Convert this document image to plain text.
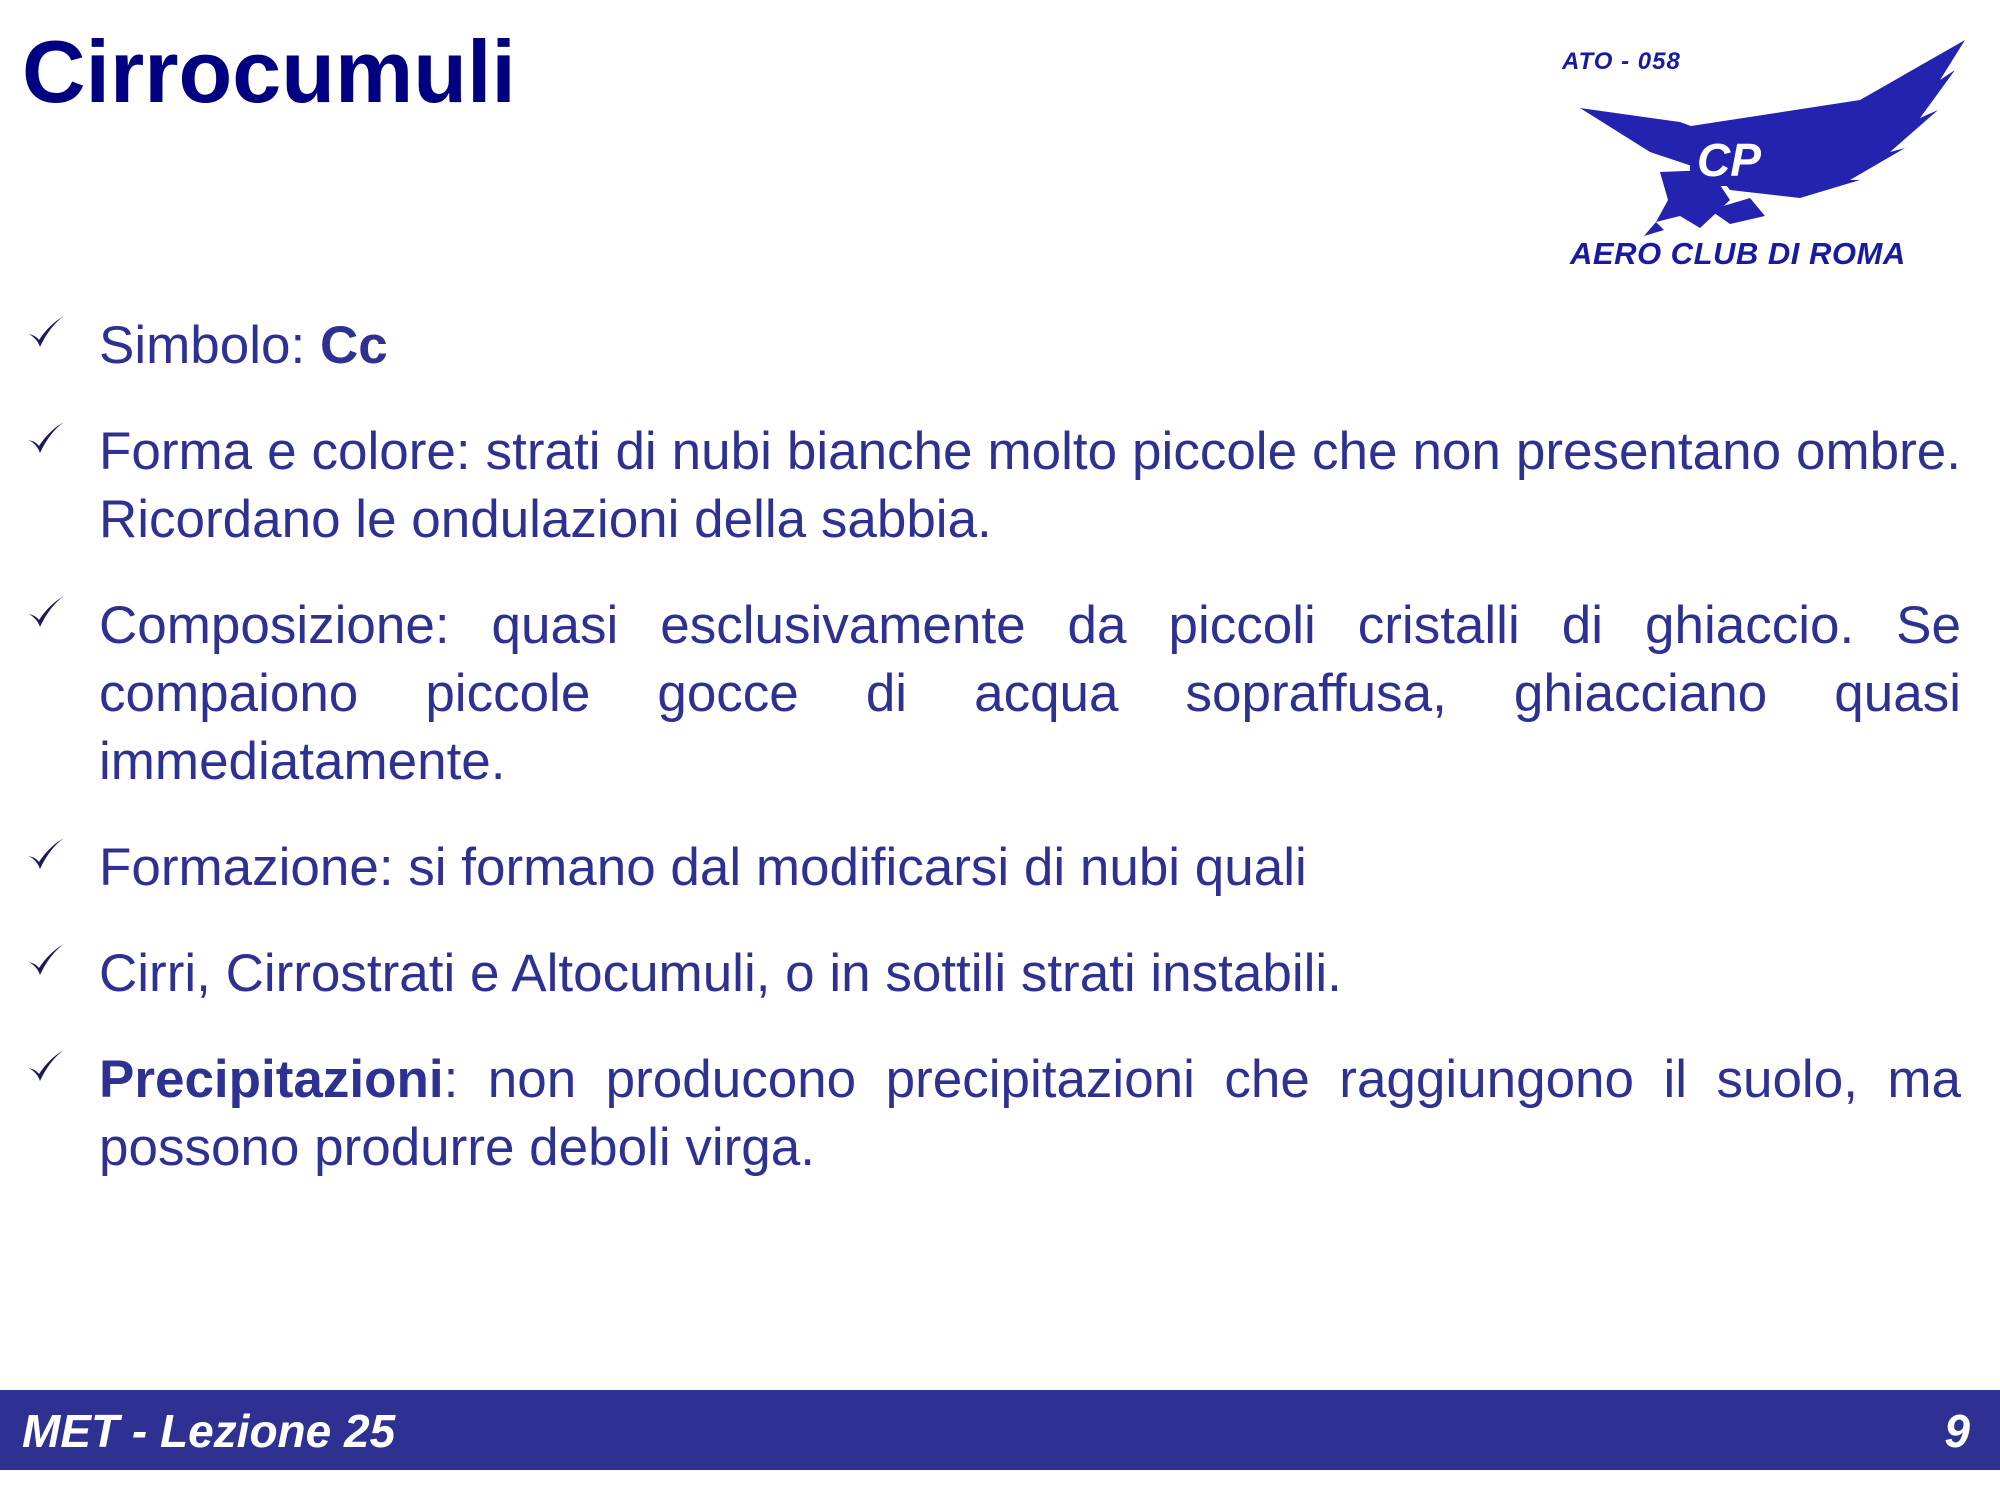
Cirrocumuli
CP
ATO - 058
AERO CLUB DI ROMA

Simbolo: Cc

Forma e colore: strati di nubi bianche molto piccole che non presentano ombre. Ricordano le ondulazioni della sabbia.

Composizione: quasi esclusivamente da piccoli cristalli di ghiaccio. Se compaiono piccole gocce di acqua sopraffusa, ghiacciano quasi immediatamente.

Formazione: si formano dal modificarsi di nubi quali

Cirri, Cirrostrati e Altocumuli, o in sottili strati instabili.

Precipitazioni: non producono precipitazioni che raggiungono il suolo, ma possono produrre deboli virga.

MET - Lezione 25	9
